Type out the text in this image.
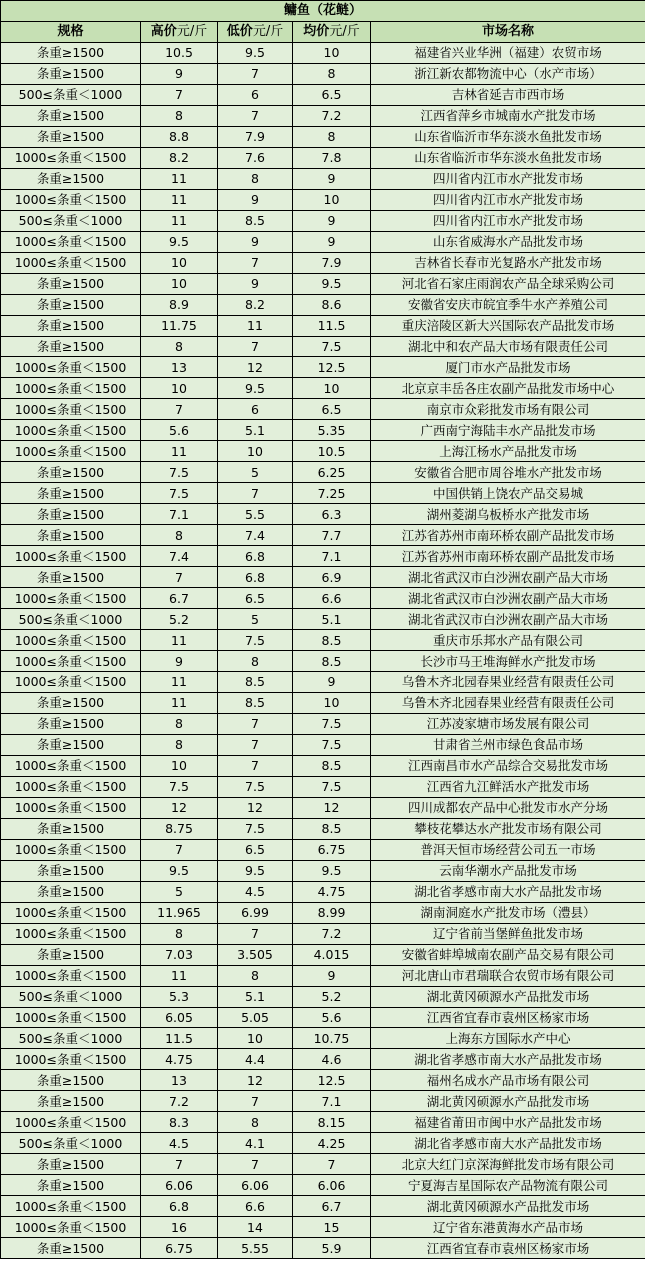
鳙鱼（花鲢）				
规格	高价元/斤	低价元/斤	均价元/斤	市场名称
条重≥1500	10.5	9.5	10	福建省兴业华洲（福建）农贸市场
条重≥1500	9	7	8	浙江新农都物流中心（水产市场）
500≤条重＜1000	7	6	6.5	吉林省延吉市西市场
条重≥1500	8	7	7.2	江西省萍乡市城南水产批发市场
条重≥1500	8.8	7.9	8	山东省临沂市华东淡水鱼批发市场
1000≤条重＜1500	8.2	7.6	7.8	山东省临沂市华东淡水鱼批发市场
条重≥1500	11	8	9	四川省内江市水产批发市场
1000≤条重＜1500	11	9	10	四川省内江市水产批发市场
500≤条重＜1000	11	8.5	9	四川省内江市水产批发市场
1000≤条重＜1500	9.5	9	9	山东省威海水产品批发市场
1000≤条重＜1500	10	7	7.9	吉林省长春市光复路水产批发市场
条重≥1500	10	9	9.5	河北省石家庄雨润农产品全球采购公司
条重≥1500	8.9	8.2	8.6	安徽省安庆市皖宜季牛水产养殖公司
条重≥1500	11.75	11	11.5	重庆涪陵区新大兴国际农产品批发市场
条重≥1500	8	7	7.5	湖北中和农产品大市场有限责任公司
1000≤条重＜1500	13	12	12.5	厦门市水产品批发市场
1000≤条重＜1500	10	9.5	10	北京京丰岳各庄农副产品批发市场中心
1000≤条重＜1500	7	6	6.5	南京市众彩批发市场有限公司
1000≤条重＜1500	5.6	5.1	5.35	广西南宁海陆丰水产品批发市场
1000≤条重＜1500	11	10	10.5	上海江杨水产品批发市场
条重≥1500	7.5	5	6.25	安徽省合肥市周谷堆水产批发市场
条重≥1500	7.5	7	7.25	中国供销上饶农产品交易城
条重≥1500	7.1	5.5	6.3	湖州菱湖乌板桥水产批发市场
条重≥1500	8	7.4	7.7	江苏省苏州市南环桥农副产品批发市场
1000≤条重＜1500	7.4	6.8	7.1	江苏省苏州市南环桥农副产品批发市场
条重≥1500	7	6.8	6.9	湖北省武汉市白沙洲农副产品大市场
1000≤条重＜1500	6.7	6.5	6.6	湖北省武汉市白沙洲农副产品大市场
500≤条重＜1000	5.2	5	5.1	湖北省武汉市白沙洲农副产品大市场
1000≤条重＜1500	11	7.5	8.5	重庆市乐邦水产品有限公司
1000≤条重＜1500	9	8	8.5	长沙市马王堆海鲜水产批发市场
1000≤条重＜1500	11	8.5	9	乌鲁木齐北园春果业经营有限责任公司
条重≥1500	11	8.5	10	乌鲁木齐北园春果业经营有限责任公司
条重≥1500	8	7	7.5	江苏凌家塘市场发展有限公司
条重≥1500	8	7	7.5	甘肃省兰州市绿色食品市场
1000≤条重＜1500	10	7	8.5	江西南昌市水产品综合交易批发市场
1000≤条重＜1500	7.5	7.5	7.5	江西省九江鲜活水产批发市场
1000≤条重＜1500	12	12	12	四川成都农产品中心批发市水产分场
条重≥1500	8.75	7.5	8.5	攀枝花攀达水产批发市场有限公司
1000≤条重＜1500	7	6.5	6.75	普洱天恒市场经营公司五一市场
条重≥1500	9.5	9.5	9.5	云南华潮水产品批发市场
条重≥1500	5	4.5	4.75	湖北省孝感市南大水产品批发市场
1000≤条重＜1500	11.965	6.99	8.99	湖南洞庭水产批发市场（澧县）
1000≤条重＜1500	8	7	7.2	辽宁省前当堡鲜鱼批发市场
条重≥1500	7.03	3.505	4.015	安徽省蚌埠城南农副产品交易有限公司
1000≤条重＜1500	11	8	9	河北唐山市君瑞联合农贸市场有限公司
500≤条重＜1000	5.3	5.1	5.2	湖北黄冈硕源水产品批发市场
1000≤条重＜1500	6.05	5.05	5.6	江西省宜春市袁州区杨家市场
500≤条重＜1000	11.5	10	10.75	上海东方国际水产中心
1000≤条重＜1500	4.75	4.4	4.6	湖北省孝感市南大水产品批发市场
条重≥1500	13	12	12.5	福州名成水产品市场有限公司
条重≥1500	7.2	7	7.1	湖北黄冈硕源水产品批发市场
1000≤条重＜1500	8.3	8	8.15	福建省莆田市闽中水产品批发市场
500≤条重＜1000	4.5	4.1	4.25	湖北省孝感市南大水产品批发市场
条重≥1500	7	7	7	北京大红门京深海鲜批发市场有限公司
条重≥1500	6.06	6.06	6.06	宁夏海吉星国际农产品物流有限公司
1000≤条重＜1500	6.8	6.6	6.7	湖北黄冈硕源水产品批发市场
1000≤条重＜1500	16	14	15	辽宁省东港黄海水产品市场
条重≥1500	6.75	5.55	5.9	江西省宜春市袁州区杨家市场
